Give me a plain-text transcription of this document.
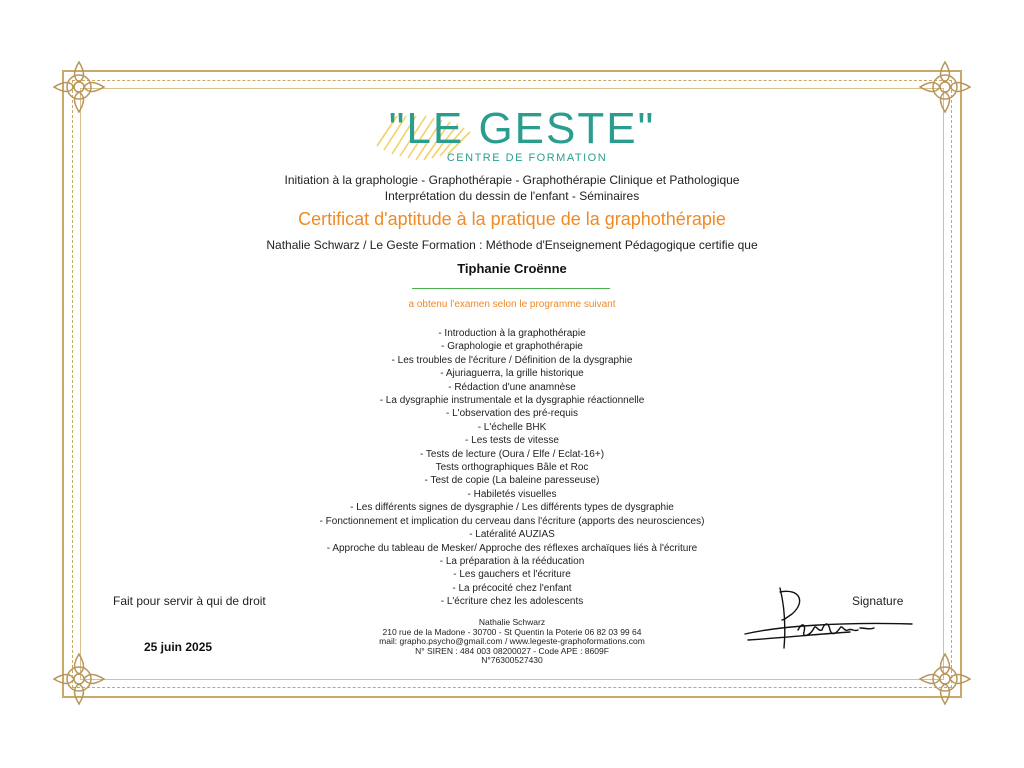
"LE GESTE"
CENTRE DE FORMATION
Initiation à la graphologie - Graphothérapie - Graphothérapie Clinique et Pathologique
Interprétation du dessin de l'enfant - Séminaires
Certificat d'aptitude à la pratique de la graphothérapie
Nathalie Schwarz / Le Geste Formation : Méthode d'Enseignement Pédagogique certifie que
Tiphanie Croënne
a obtenu l'examen selon le programme suivant
- Introduction à la graphothérapie
- Graphologie et graphothérapie
- Les troubles de l'écriture / Définition de la dysgraphie
- Ajuriaguerra, la grille historique
- Rédaction d'une anamnèse
- La dysgraphie instrumentale et la dysgraphie réactionnelle
- L'observation des pré-requis
- L'échelle BHK
- Les tests de vitesse
- Tests de lecture (Oura / Elfe / Eclat-16+)
Tests orthographiques Bâle et Roc
- Test de copie (La baleine paresseuse)
- Habiletés visuelles
- Les différents signes de dysgraphie / Les différents types de dysgraphie
- Fonctionnement et implication du cerveau dans l'écriture (apports des neurosciences)
- Latéralité AUZIAS
- Approche du tableau de Mesker/ Approche des réflexes archaïques liés à l'écriture
- La préparation à la rééducation
- Les gauchers et l'écriture
- La précocité chez l'enfant
- L'écriture chez les adolescents
Fait pour servir à qui de droit
25 juin 2025
Signature
Nathalie Schwarz
210 rue de la Madone - 30700 - St Quentin la Poterie 06 82 03 99 64
mail: grapho.psycho@gmail.com / www.legeste-graphoformations.com
N° SIREN : 484 003 08200027 - Code APE : 8609F
N°76300527430
